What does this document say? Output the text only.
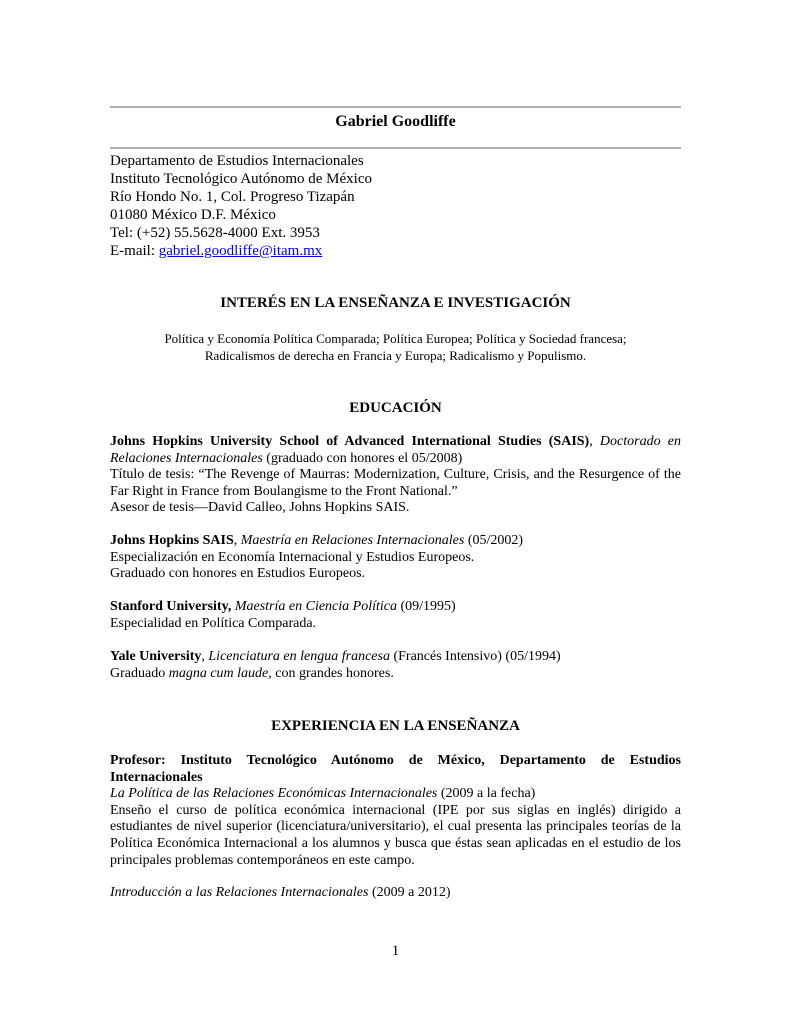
Gabriel Goodliffe
Departamento de Estudios Internacionales
Instituto Tecnológico Autónomo de México
Río Hondo No. 1, Col. Progreso Tizapán
01080 México D.F. México
Tel: (+52) 55.5628-4000 Ext. 3953
E-mail: gabriel.goodliffe@itam.mx
INTERÉS EN LA ENSEÑANZA E INVESTIGACIÓN
Política y Economía Política Comparada; Política Europea; Política y Sociedad francesa;
Radicalismos de derecha en Francia y Europa; Radicalismo y Populismo.
EDUCACIÓN
Johns Hopkins University School of Advanced International Studies (SAIS), Doctorado en Relaciones Internacionales (graduado con honores el 05/2008)
Título de tesis: “The Revenge of Maurras: Modernization, Culture, Crisis, and the Resurgence of the Far Right in France from Boulangisme to the Front National.”
Asesor de tesis—David Calleo, Johns Hopkins SAIS.
Johns Hopkins SAIS, Maestría en Relaciones Internacionales (05/2002)
Especialización en Economía Internacional y Estudios Europeos.
Graduado con honores en Estudios Europeos.
Stanford University, Maestría en Ciencia Política (09/1995)
Especialidad en Política Comparada.
Yale University, Licenciatura en lengua francesa (Francés Intensivo) (05/1994)
Graduado magna cum laude, con grandes honores.
EXPERIENCIA EN LA ENSEÑANZA
Profesor: Instituto Tecnológico Autónomo de México, Departamento de Estudios Internacionales
La Política de las Relaciones Económicas Internacionales (2009 a la fecha)
Enseño el curso de política económica internacional (IPE por sus siglas en inglés) dirigido a estudiantes de nivel superior (licenciatura/universitario), el cual presenta las principales teorías de la Política Económica Internacional a los alumnos y busca que éstas sean aplicadas en el estudio de los principales problemas contemporáneos en este campo.
Introducción a las Relaciones Internacionales (2009 a 2012)
1
